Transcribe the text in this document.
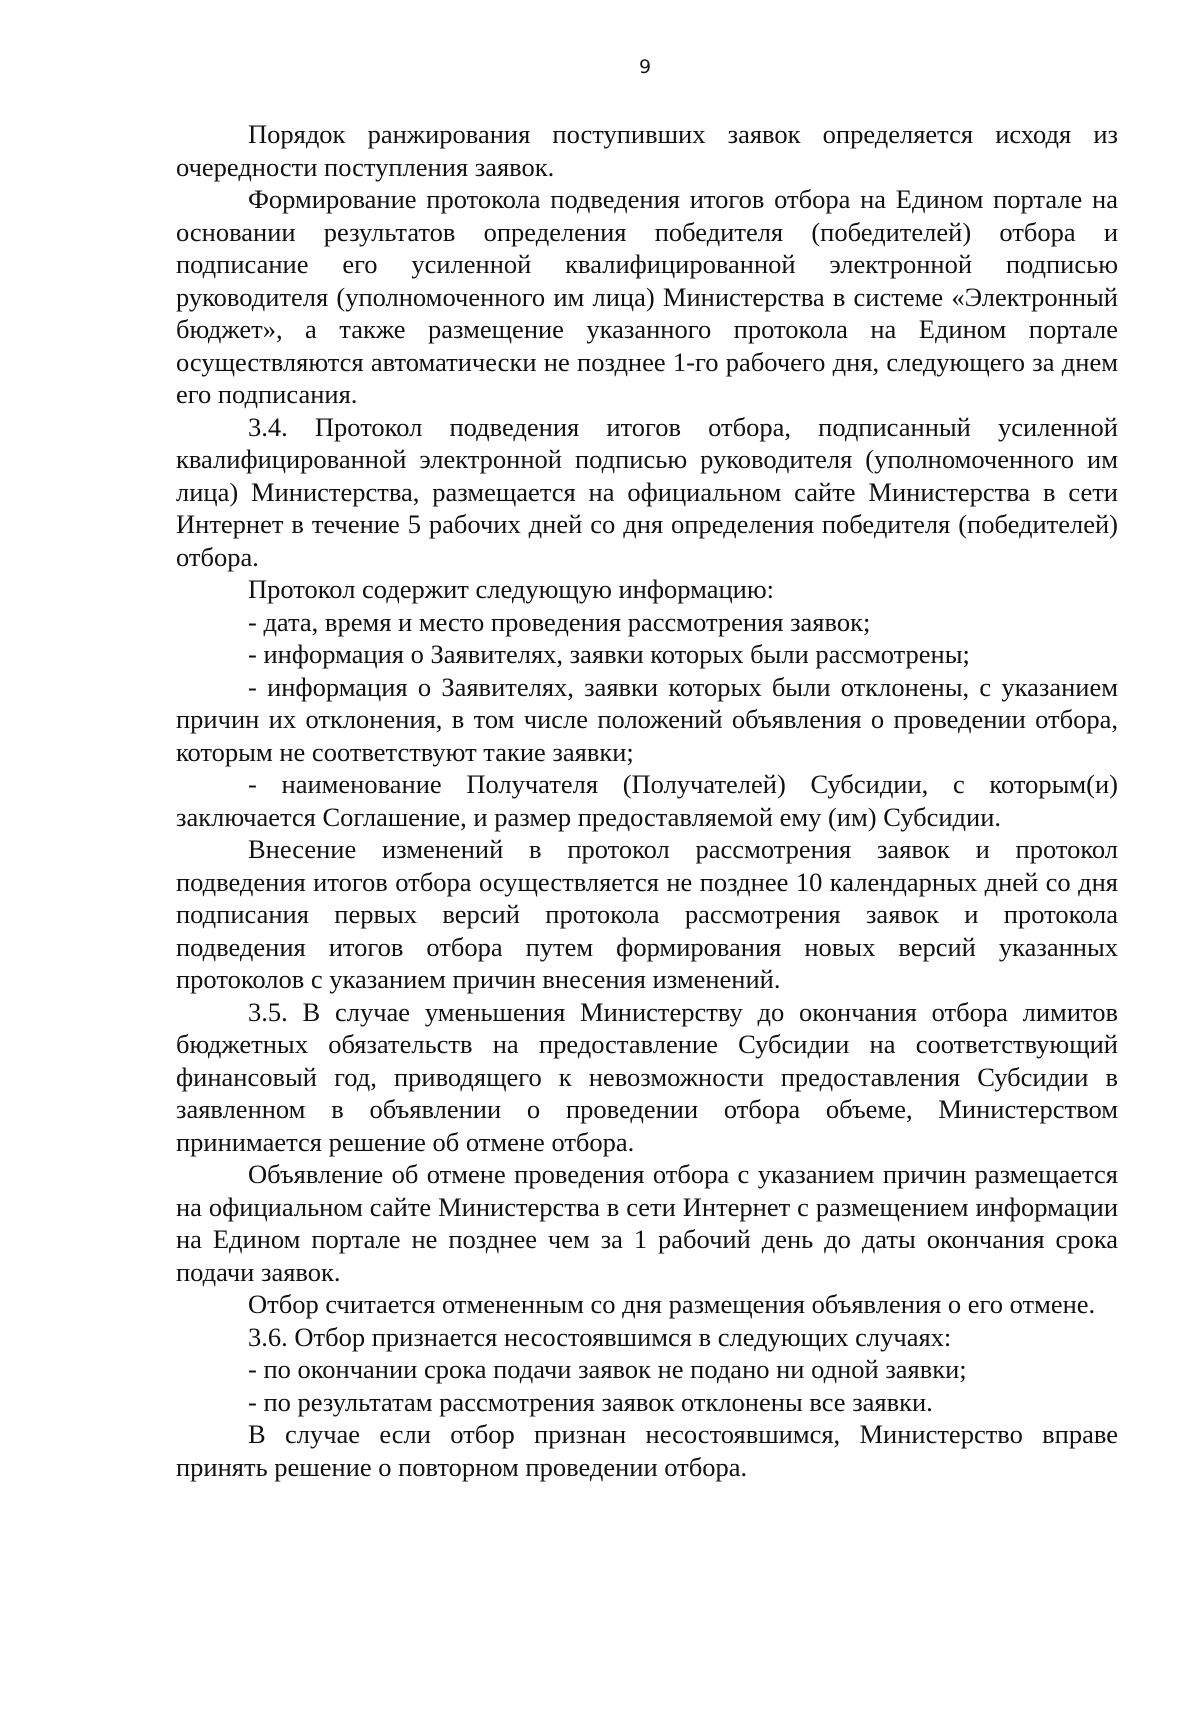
9

Порядок ранжирования поступивших заявок определяется исходя из очередности поступления заявок.

Формирование протокола подведения итогов отбора на Едином портале на основании результатов определения победителя (победителей) отбора и подписание его усиленной квалифицированной электронной подписью руководителя (уполномоченного им лица) Министерства в системе «Электронный бюджет», а также размещение указанного протокола на Едином портале осуществляются автоматически не позднее 1-го рабочего дня, следующего за днем его подписания.

3.4. Протокол подведения итогов отбора, подписанный усиленной квалифицированной электронной подписью руководителя (уполномоченного им лица) Министерства, размещается на официальном сайте Министерства в сети Интернет в течение 5 рабочих дней со дня определения победителя (победителей) отбора.

Протокол содержит следующую информацию:

- дата, время и место проведения рассмотрения заявок;

- информация о Заявителях, заявки которых были рассмотрены;

- информация о Заявителях, заявки которых были отклонены, с указанием причин их отклонения, в том числе положений объявления о проведении отбора, которым не соответствуют такие заявки;

- наименование Получателя (Получателей) Субсидии, с которым(и) заключается Соглашение, и размер предоставляемой ему (им) Субсидии.

Внесение изменений в протокол рассмотрения заявок и протокол подведения итогов отбора осуществляется не позднее 10 календарных дней со дня подписания первых версий протокола рассмотрения заявок и протокола подведения итогов отбора путем формирования новых версий указанных протоколов с указанием причин внесения изменений.

3.5. В случае уменьшения Министерству до окончания отбора лимитов бюджетных обязательств на предоставление Субсидии на соответствующий финансовый год, приводящего к невозможности предоставления Субсидии в заявленном в объявлении о проведении отбора объеме, Министерством принимается решение об отмене отбора.

Объявление об отмене проведения отбора с указанием причин размещается на официальном сайте Министерства в сети Интернет с размещением информации на Едином портале не позднее чем за 1 рабочий день до даты окончания срока подачи заявок.

Отбор считается отмененным со дня размещения объявления о его отмене.

3.6. Отбор признается несостоявшимся в следующих случаях:

- по окончании срока подачи заявок не подано ни одной заявки;

- по результатам рассмотрения заявок отклонены все заявки.

В случае если отбор признан несостоявшимся, Министерство вправе принять решение о повторном проведении отбора.
